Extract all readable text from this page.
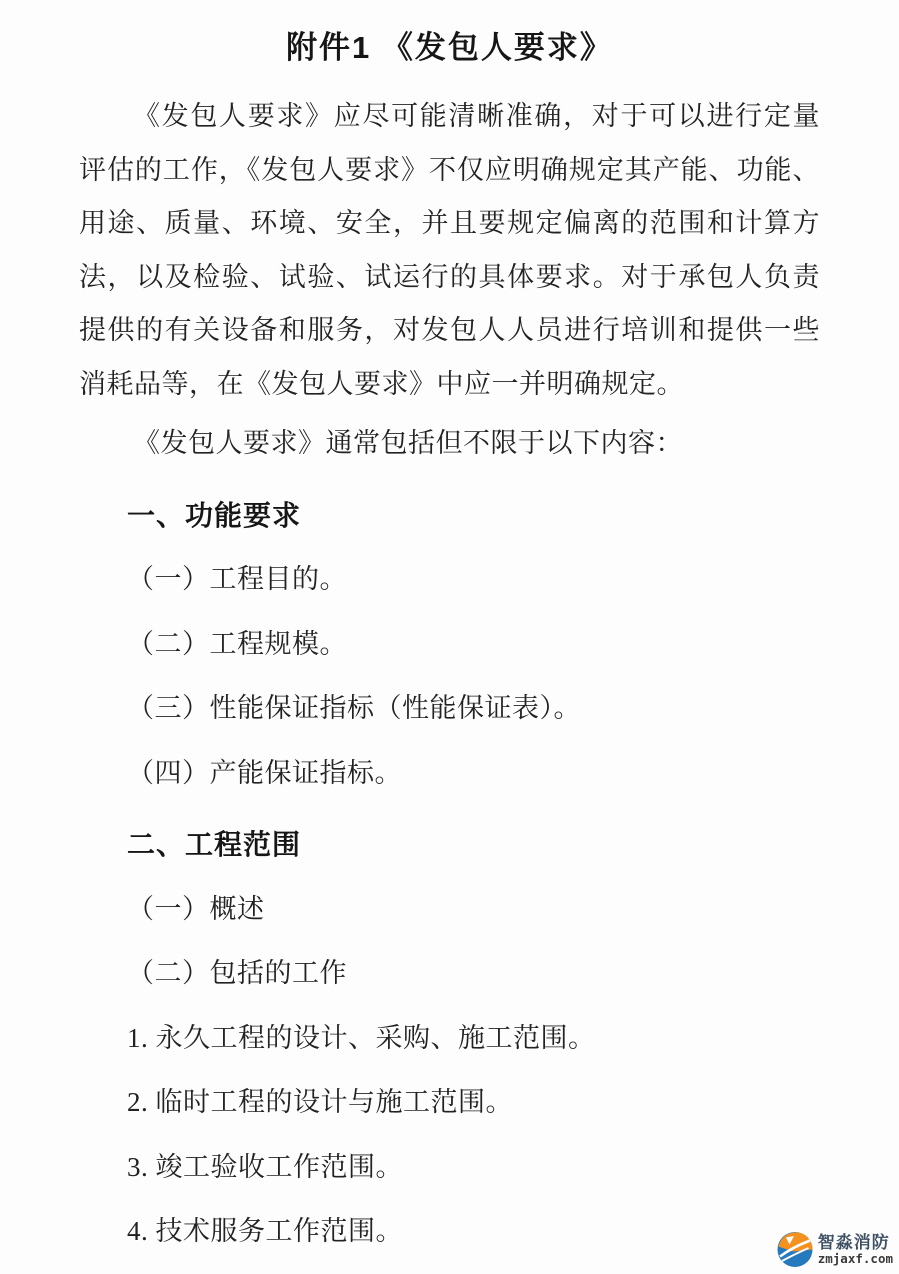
附件1 《发包人要求》

《发包人要求》应尽可能清晰准确，对于可以进行定量评估的工作，《发包人要求》不仅应明确规定其产能、功能、用途、质量、环境、安全，并且要规定偏离的范围和计算方法，以及检验、试验、试运行的具体要求。对于承包人负责提供的有关设备和服务，对发包人人员进行培训和提供一些消耗品等，在《发包人要求》中应一并明确规定。

《发包人要求》通常包括但不限于以下内容：

一、功能要求

（一）工程目的。

（二）工程规模。

（三）性能保证指标（性能保证表）。

（四）产能保证指标。

二、工程范围

（一）概述

（二）包括的工作

1. 永久工程的设计、采购、施工范围。

2. 临时工程的设计与施工范围。

3. 竣工验收工作范围。

4. 技术服务工作范围。	智淼消防
zmjaxf.com
